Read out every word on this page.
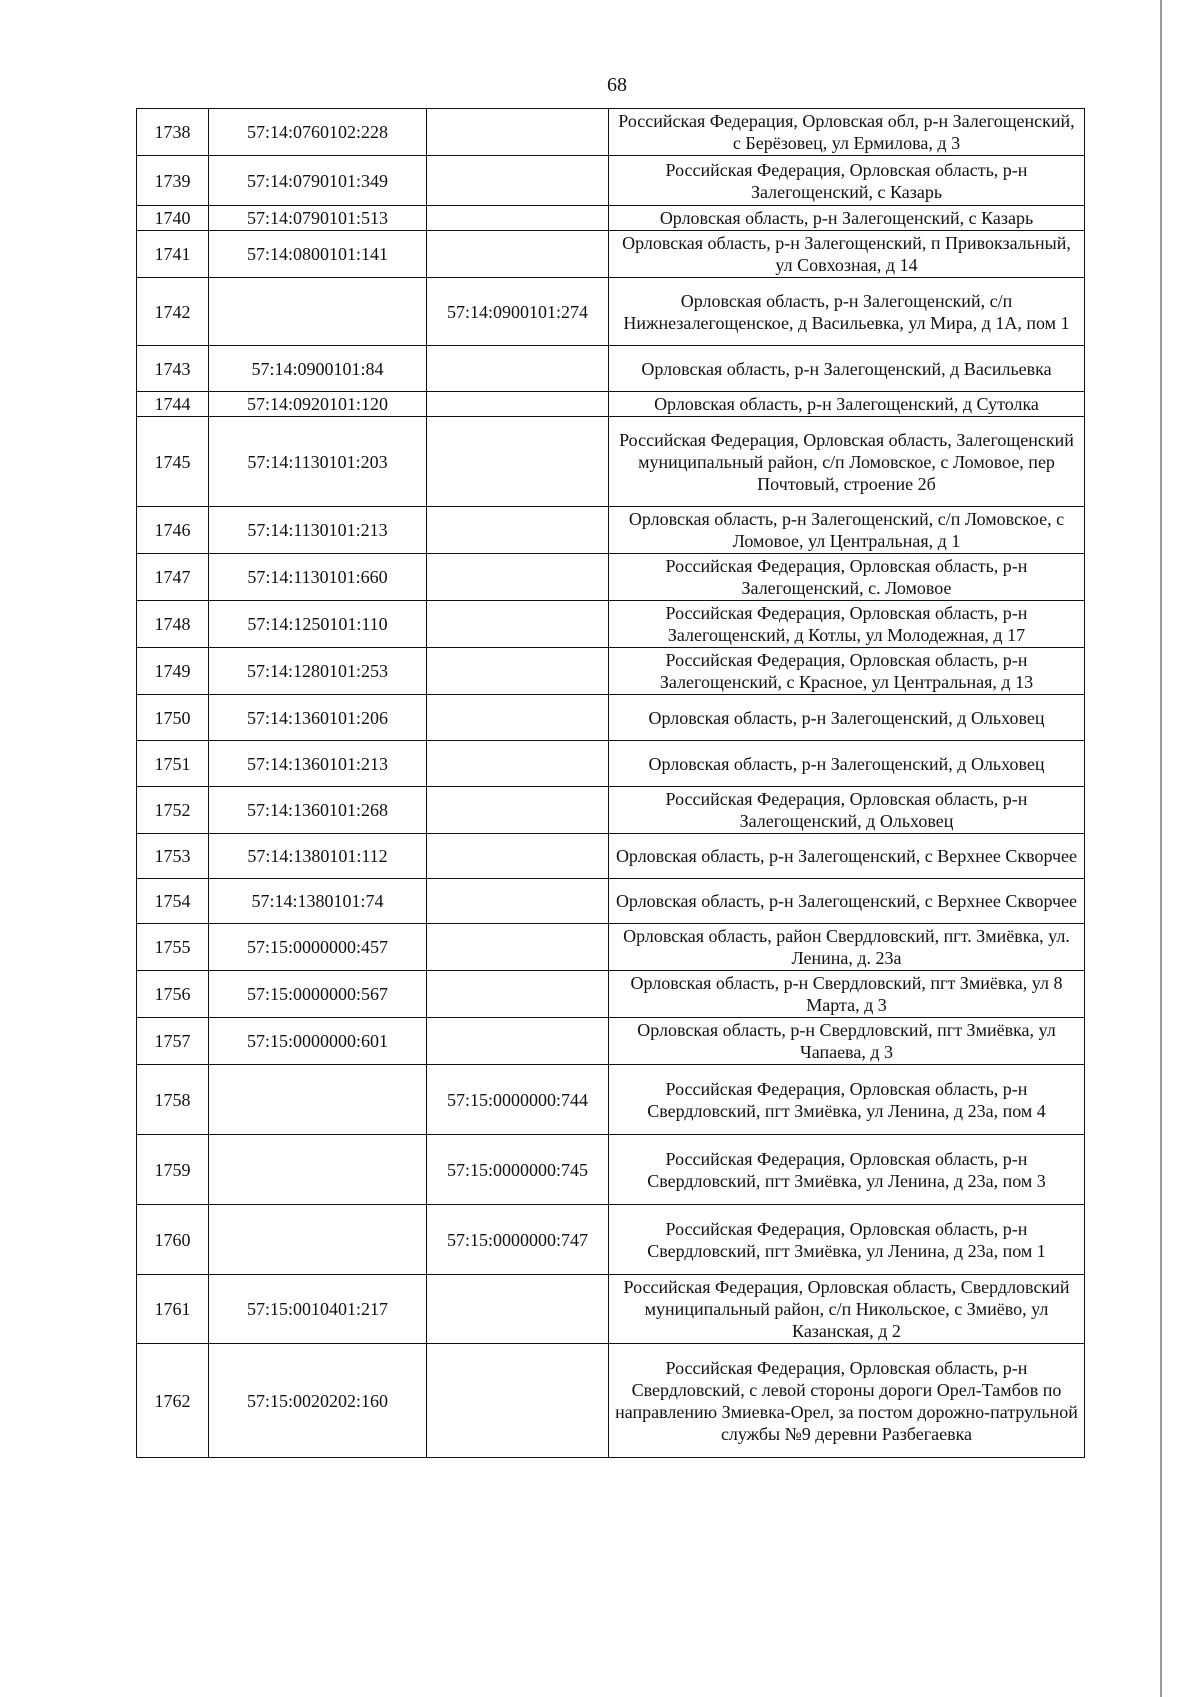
68
1738	57:14:0760102:228		Российская Федерация, Орловская обл, р-н Залегощенский, с Берёзовец, ул Ермилова, д 3
1739	57:14:0790101:349		Российская Федерация, Орловская область, р-н Залегощенский, с Казарь
1740	57:14:0790101:513		Орловская область, р-н Залегощенский, с Казарь
1741	57:14:0800101:141		Орловская область, р-н Залегощенский, п Привокзальный, ул Совхозная, д 14
1742		57:14:0900101:274	Орловская область, р-н Залегощенский, с/п Нижнезалегощенское, д Васильевка, ул Мира, д 1А, пом 1
1743	57:14:0900101:84		Орловская область, р-н Залегощенский, д Васильевка
1744	57:14:0920101:120		Орловская область, р-н Залегощенский, д Сутолка
1745	57:14:1130101:203		Российская Федерация, Орловская область, Залегощенский муниципальный район, с/п Ломовское, с Ломовое, пер Почтовый, строение 2б
1746	57:14:1130101:213		Орловская область, р-н Залегощенский, с/п Ломовское, с Ломовое, ул Центральная, д 1
1747	57:14:1130101:660		Российская Федерация, Орловская область, р-н Залегощенский, с. Ломовое
1748	57:14:1250101:110		Российская Федерация, Орловская область, р-н Залегощенский, д Котлы, ул Молодежная, д 17
1749	57:14:1280101:253		Российская Федерация, Орловская область, р-н Залегощенский, с Красное, ул Центральная, д 13
1750	57:14:1360101:206		Орловская область, р-н Залегощенский, д Ольховец
1751	57:14:1360101:213		Орловская область, р-н Залегощенский, д Ольховец
1752	57:14:1360101:268		Российская Федерация, Орловская область, р-н Залегощенский, д Ольховец
1753	57:14:1380101:112		Орловская область, р-н Залегощенский, с Верхнее Скворчее
1754	57:14:1380101:74		Орловская область, р-н Залегощенский, с Верхнее Скворчее
1755	57:15:0000000:457		Орловская область, район Свердловский, пгт. Змиёвка, ул. Ленина, д. 23а
1756	57:15:0000000:567		Орловская область, р-н Свердловский, пгт Змиёвка, ул 8 Марта, д 3
1757	57:15:0000000:601		Орловская область, р-н Свердловский, пгт Змиёвка, ул Чапаева, д 3
1758		57:15:0000000:744	Российская Федерация, Орловская область, р-н Свердловский, пгт Змиёвка, ул Ленина, д 23а, пом 4
1759		57:15:0000000:745	Российская Федерация, Орловская область, р-н Свердловский, пгт Змиёвка, ул Ленина, д 23а, пом 3
1760		57:15:0000000:747	Российская Федерация, Орловская область, р-н Свердловский, пгт Змиёвка, ул Ленина, д 23а, пом 1
1761	57:15:0010401:217		Российская Федерация, Орловская область, Свердловский муниципальный район, с/п Никольское, с Змиёво, ул Казанская, д 2
1762	57:15:0020202:160		Российская Федерация, Орловская область, р-н Свердловский, с левой стороны дороги Орел-Тамбов по направлению Змиевка-Орел, за постом дорожно-патрульной службы №9 деревни Разбегаевка
